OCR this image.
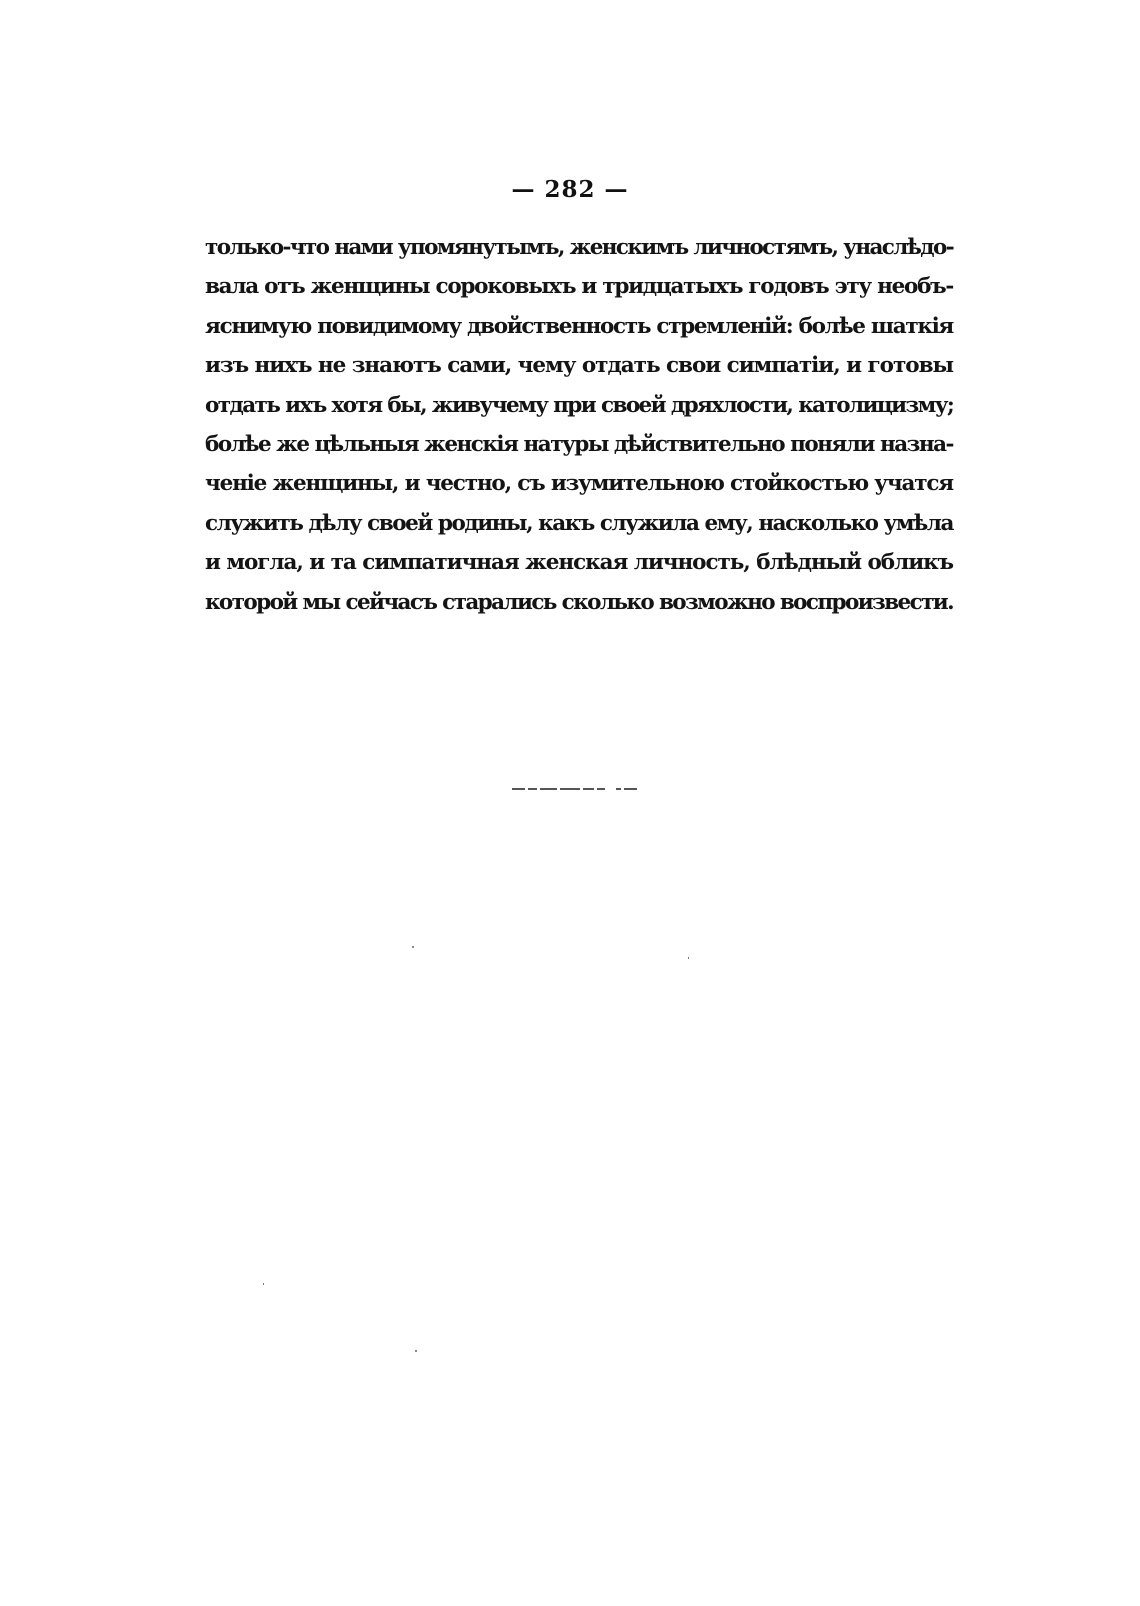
— 282 —
только-что нами упомянутымъ, женскимъ личностямъ, унаслѣдо-
вала отъ женщины сороковыхъ и тридцатыхъ годовъ эту необъ-
яснимую повидимому двойственность стремленій: болѣе шаткія
изъ нихъ не знаютъ сами, чему отдать свои симпатіи, и готовы
отдать ихъ хотя бы, живучему при своей дряхлости, католицизму;
болѣе же цѣльныя женскія натуры дѣйствительно поняли назна-
ченіе женщины, и честно, съ изумительною стойкостью учатся
служить дѣлу своей родины, какъ служила ему, насколько умѣла
и могла, и та симпатичная женская личность, блѣдный обликъ
которой мы сейчасъ старались сколько возможно воспроизвести.
